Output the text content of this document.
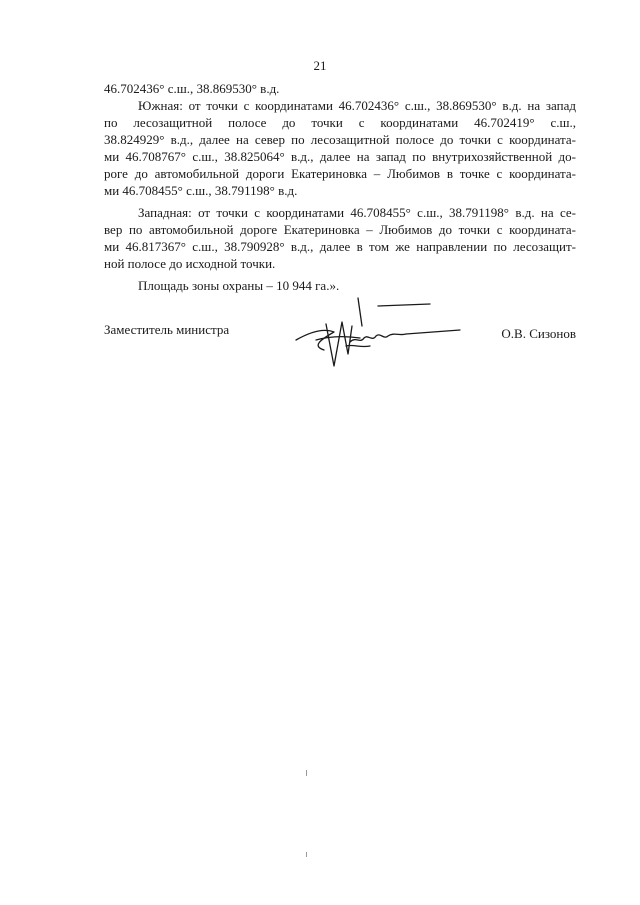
21
46.702436° с.ш., 38.869530° в.д.
Южная: от точки с координатами 46.702436° с.ш., 38.869530° в.д. на запад
по лесозащитной полосе до точки с координатами 46.702419° с.ш.,
38.824929° в.д., далее на север по лесозащитной полосе до точки с координата-
ми 46.708767° с.ш., 38.825064° в.д., далее на запад по внутрихозяйственной до-
роге до автомобильной дороги Екатериновка – Любимов в точке с координата-
ми 46.708455° с.ш., 38.791198° в.д.
Западная: от точки с координатами 46.708455° с.ш., 38.791198° в.д. на се-
вер по автомобильной дороге Екатериновка – Любимов до точки с координата-
ми 46.817367° с.ш., 38.790928° в.д., далее в том же направлении по лесозащит-
ной полосе до исходной точки.
Площадь зоны охраны – 10 944 га.».
Заместитель министра	О.В. Сизонов
